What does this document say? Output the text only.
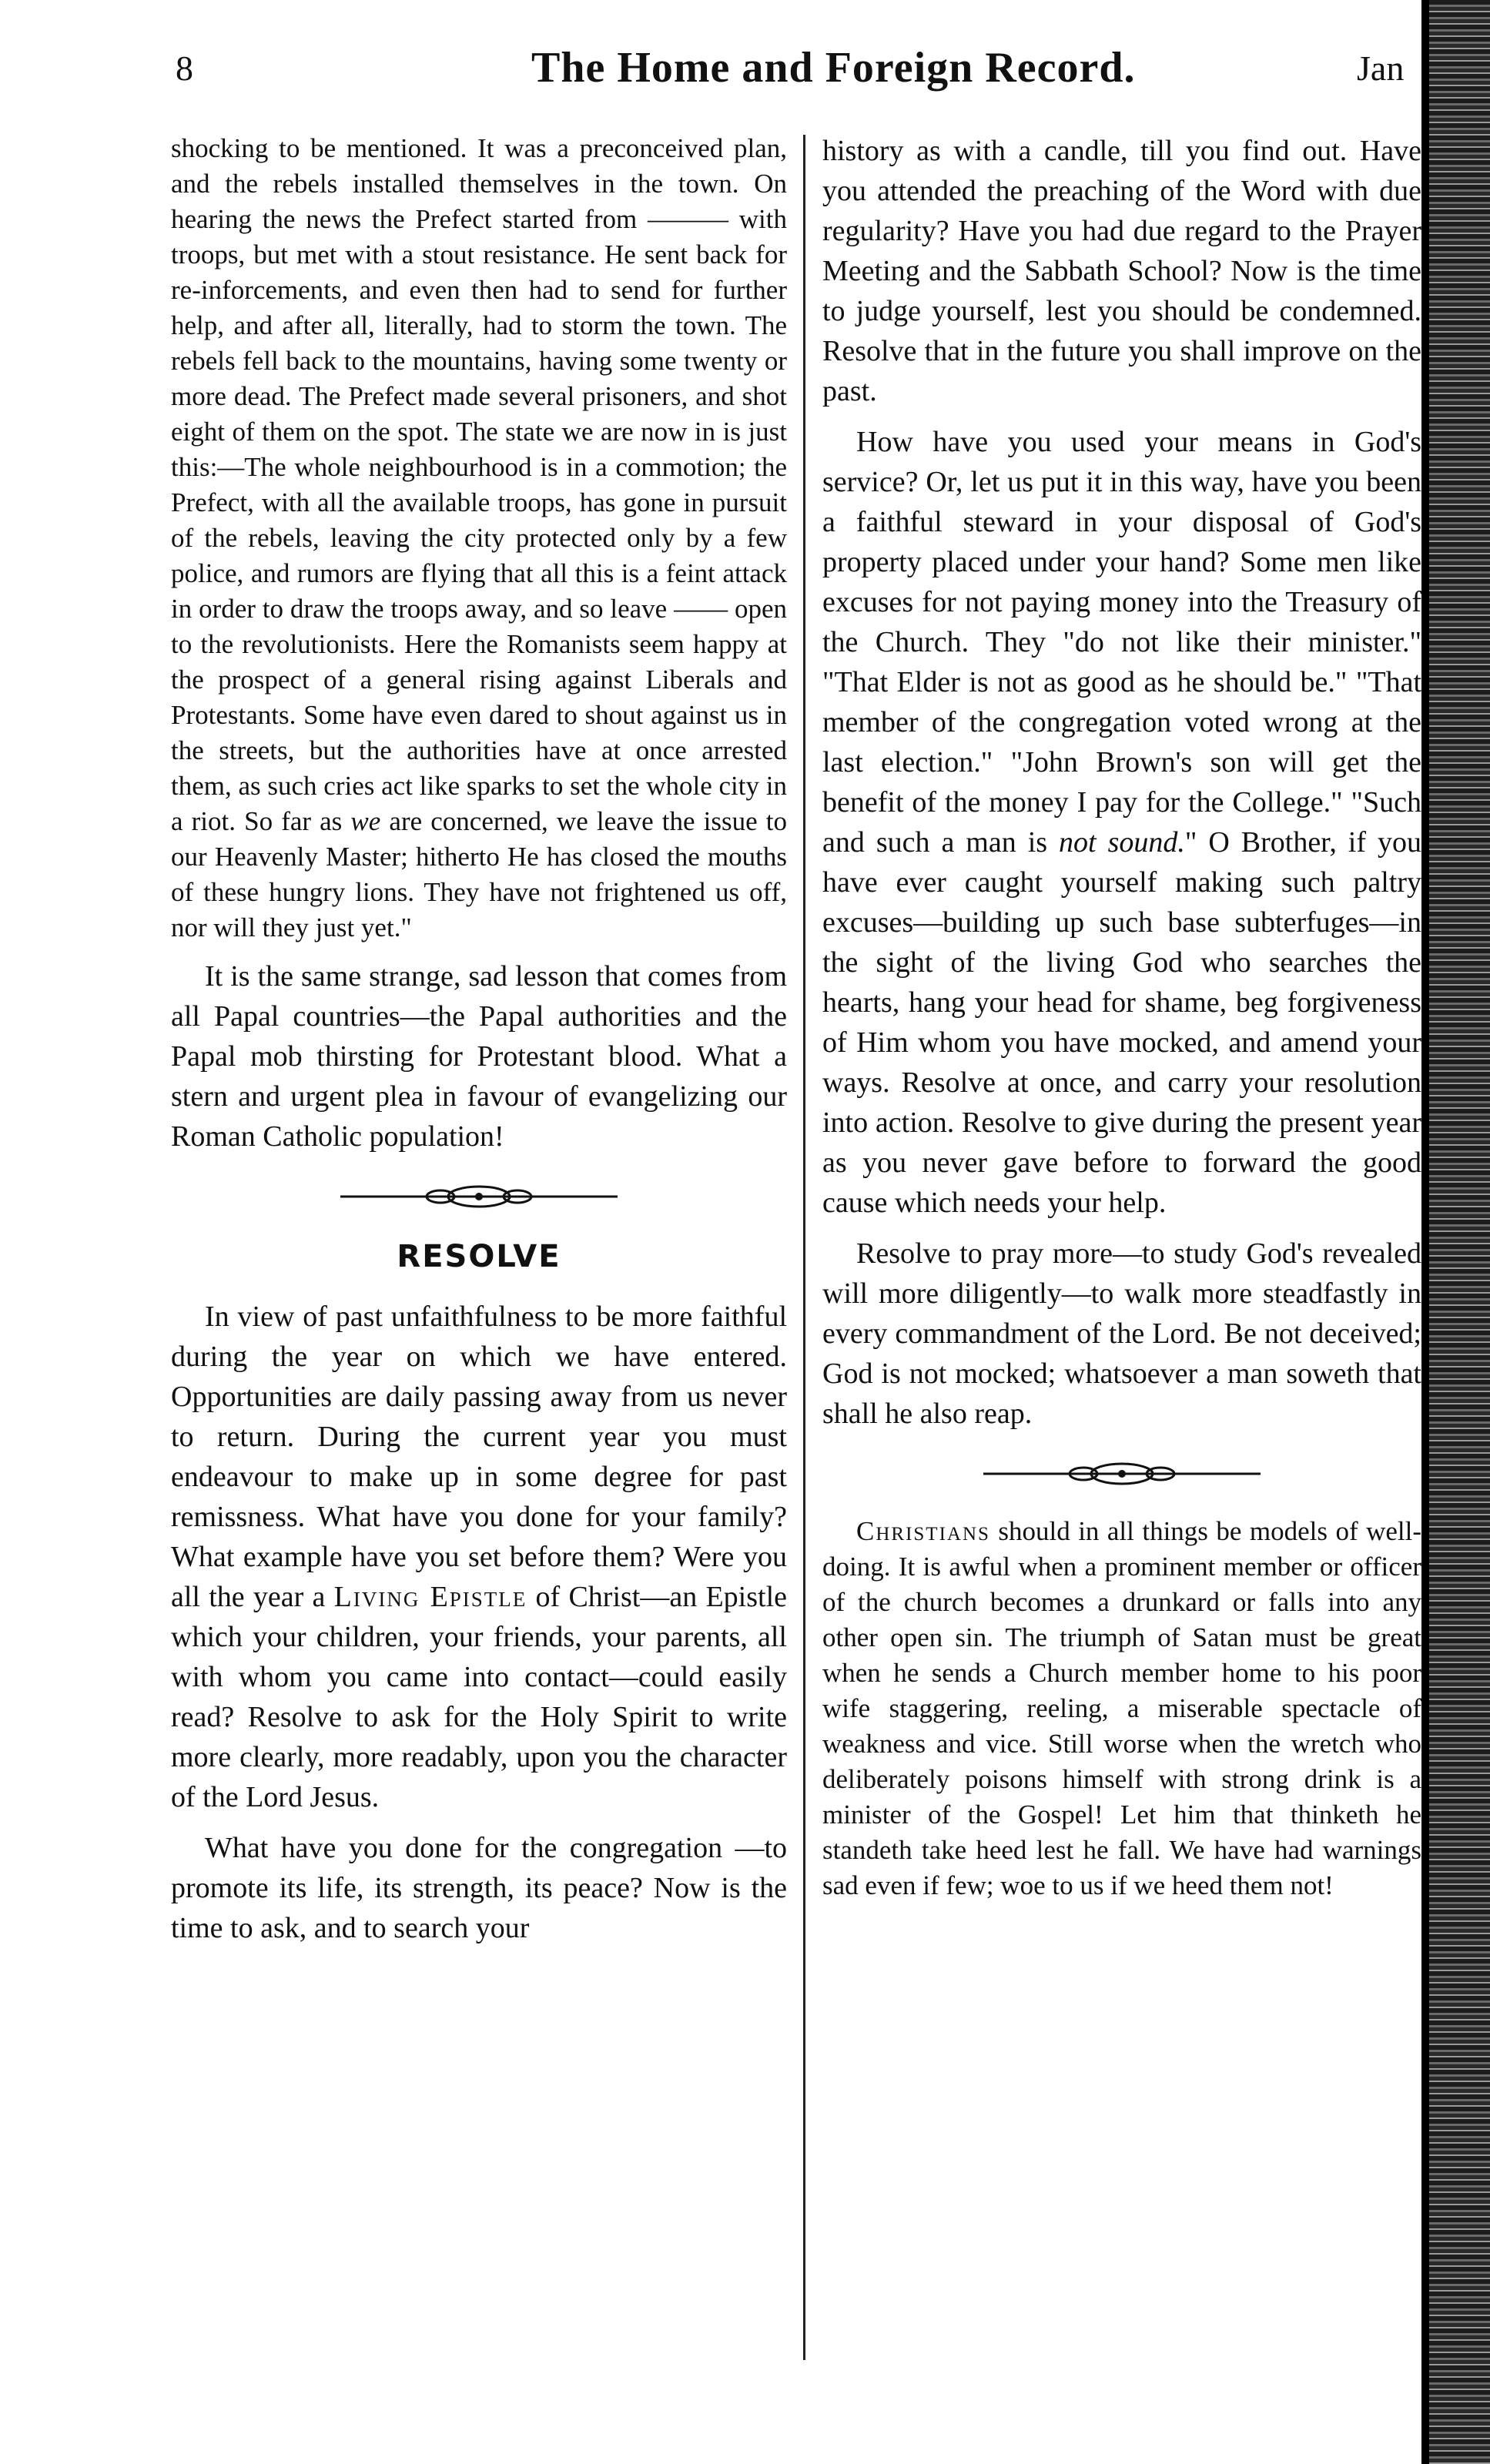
8	The Home and Foreign Record.	Jan

shocking to be mentioned. It was a preconceived plan, and the rebels installed themselves in the town. On hearing the news the Prefect started from ——— with troops, but met with a stout resistance. He sent back for re-inforcements, and even then had to send for further help, and after all, literally, had to storm the town. The rebels fell back to the mountains, having some twenty or more dead. The Prefect made several prisoners, and shot eight of them on the spot. The state we are now in is just this:—The whole neighbourhood is in a commotion; the Prefect, with all the available troops, has gone in pursuit of the rebels, leaving the city protected only by a few police, and rumors are flying that all this is a feint attack in order to draw the troops away, and so leave —— open to the revolutionists. Here the Romanists seem happy at the prospect of a general rising against Liberals and Protestants. Some have even dared to shout against us in the streets, but the authorities have at once arrested them, as such cries act like sparks to set the whole city in a riot. So far as we are concerned, we leave the issue to our Heavenly Master; hitherto He has closed the mouths of these hungry lions. They have not frightened us off, nor will they just yet."

It is the same strange, sad lesson that comes from all Papal countries—the Papal authorities and the Papal mob thirsting for Protestant blood. What a stern and urgent plea in favour of evangelizing our Roman Catholic population!

RESOLVE

In view of past unfaithfulness to be more faithful during the year on which we have entered. Opportunities are daily passing away from us never to return. During the current year you must endeavour to make up in some degree for past remissness. What have you done for your family? What example have you set before them? Were you all the year a Living Epistle of Christ—an Epistle which your children, your friends, your parents, all with whom you came into contact—could easily read? Resolve to ask for the Holy Spirit to write more clearly, more readably, upon you the character of the Lord Jesus.

What have you done for the congregation —to promote its life, its strength, its peace? Now is the time to ask, and to search your

history as with a candle, till you find out. Have you attended the preaching of the Word with due regularity? Have you had due regard to the Prayer Meeting and the Sabbath School? Now is the time to judge yourself, lest you should be condemned. Resolve that in the future you shall improve on the past.

How have you used your means in God's service? Or, let us put it in this way, have you been a faithful steward in your disposal of God's property placed under your hand? Some men like excuses for not paying money into the Treasury of the Church. They "do not like their minister." "That Elder is not as good as he should be." "That member of the congregation voted wrong at the last election." "John Brown's son will get the benefit of the money I pay for the College." "Such and such a man is not sound." O Brother, if you have ever caught yourself making such paltry excuses—building up such base subterfuges—in the sight of the living God who searches the hearts, hang your head for shame, beg forgiveness of Him whom you have mocked, and amend your ways. Resolve at once, and carry your resolution into action. Resolve to give during the present year as you never gave before to forward the good cause which needs your help.

Resolve to pray more—to study God's revealed will more diligently—to walk more steadfastly in every commandment of the Lord. Be not deceived; God is not mocked; whatsoever a man soweth that shall he also reap.

Christians should in all things be models of well-doing. It is awful when a prominent member or officer of the church becomes a drunkard or falls into any other open sin. The triumph of Satan must be great when he sends a Church member home to his poor wife staggering, reeling, a miserable spectacle of weakness and vice. Still worse when the wretch who deliberately poisons himself with strong drink is a minister of the Gospel! Let him that thinketh he standeth take heed lest he fall. We have had warnings sad even if few; woe to us if we heed them not!
